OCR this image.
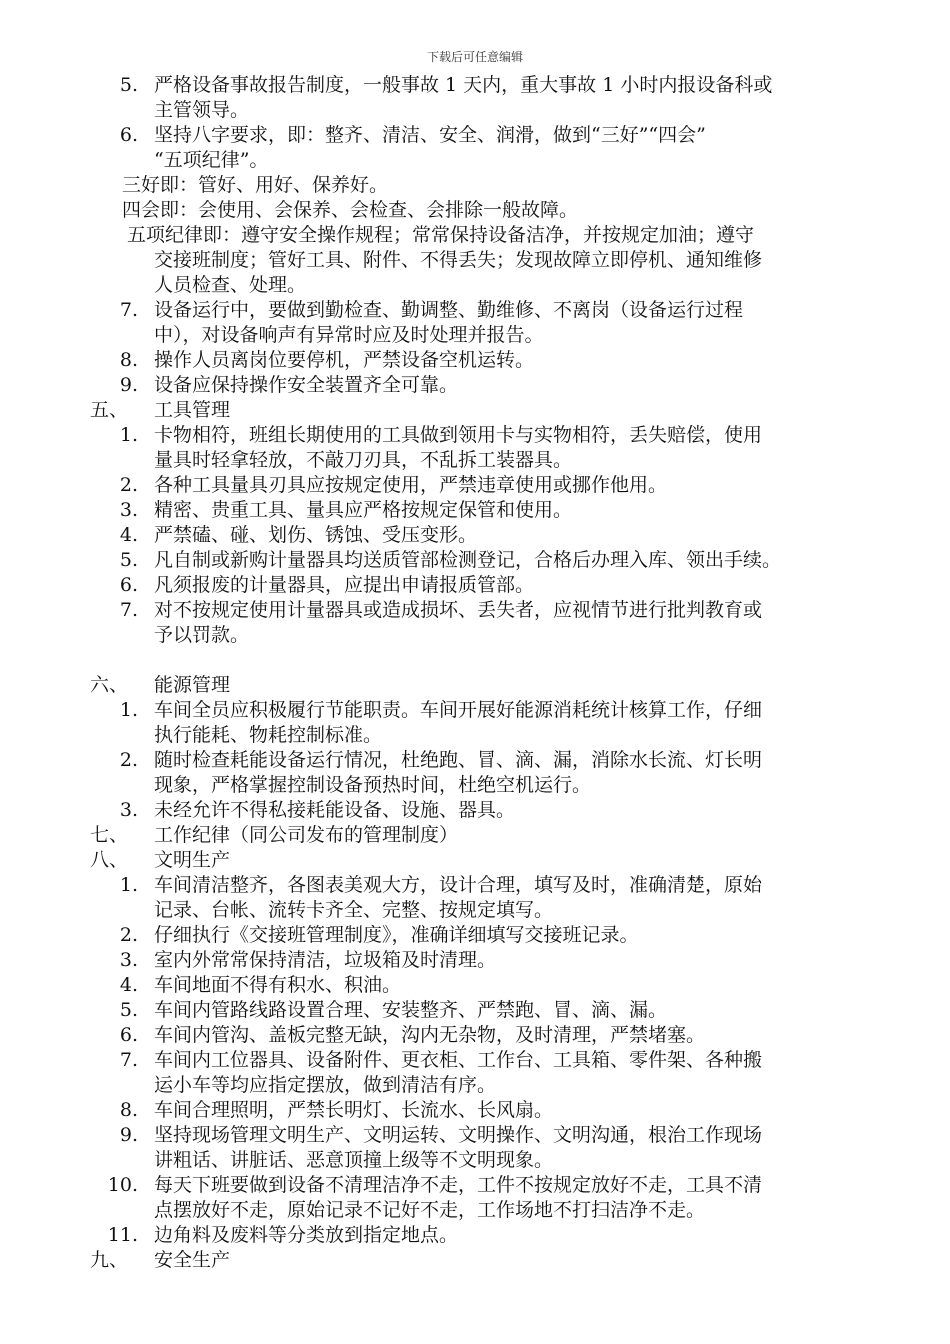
下载后可任意编辑
5. 严格设备事故报告制度，一般事故 1 天内，重大事故 1 小时内报设备科或
主管领导。
6. 坚持八字要求，即：整齐、清洁、安全、润滑，做到“三好”“四会”
“五项纪律”。
三好即：管好、用好、保养好。
四会即：会使用、会保养、会检查、会排除一般故障。
五项纪律即：遵守安全操作规程；常常保持设备洁净，并按规定加油；遵守
交接班制度；管好工具、附件、不得丢失；发现故障立即停机、通知维修
人员检查、处理。
7. 设备运行中，要做到勤检查、勤调整、勤维修、不离岗（设备运行过程
中），对设备响声有异常时应及时处理并报告。
8. 操作人员离岗位要停机，严禁设备空机运转。
9. 设备应保持操作安全装置齐全可靠。
五、 工具管理
1. 卡物相符，班组长期使用的工具做到领用卡与实物相符，丢失赔偿，使用
量具时轻拿轻放，不敲刀刃具，不乱拆工装器具。
2. 各种工具量具刃具应按规定使用，严禁违章使用或挪作他用。
3. 精密、贵重工具、量具应严格按规定保管和使用。
4. 严禁磕、碰、划伤、锈蚀、受压变形。
5. 凡自制或新购计量器具均送质管部检测登记，合格后办理入库、领出手续。
6. 凡须报废的计量器具，应提出申请报质管部。
7. 对不按规定使用计量器具或造成损坏、丢失者，应视情节进行批判教育或
予以罚款。
六、 能源管理
1. 车间全员应积极履行节能职责。车间开展好能源消耗统计核算工作，仔细
执行能耗、物耗控制标准。
2. 随时检查耗能设备运行情况，杜绝跑、冒、滴、漏，消除水长流、灯长明
现象，严格掌握控制设备预热时间，杜绝空机运行。
3. 未经允许不得私接耗能设备、设施、器具。
七、 工作纪律（同公司发布的管理制度）
八、 文明生产
1. 车间清洁整齐，各图表美观大方，设计合理，填写及时，准确清楚，原始
记录、台帐、流转卡齐全、完整、按规定填写。
2. 仔细执行《交接班管理制度》，准确详细填写交接班记录。
3. 室内外常常保持清洁，垃圾箱及时清理。
4. 车间地面不得有积水、积油。
5. 车间内管路线路设置合理、安装整齐、严禁跑、冒、滴、漏。
6. 车间内管沟、盖板完整无缺，沟内无杂物，及时清理，严禁堵塞。
7. 车间内工位器具、设备附件、更衣柜、工作台、工具箱、零件架、各种搬
运小车等均应指定摆放，做到清洁有序。
8. 车间合理照明，严禁长明灯、长流水、长风扇。
9. 坚持现场管理文明生产、文明运转、文明操作、文明沟通，根治工作现场
讲粗话、讲脏话、恶意顶撞上级等不文明现象。
10. 每天下班要做到设备不清理洁净不走，工件不按规定放好不走，工具不清
点摆放好不走，原始记录不记好不走，工作场地不打扫洁净不走。
11. 边角料及废料等分类放到指定地点。
九、 安全生产
